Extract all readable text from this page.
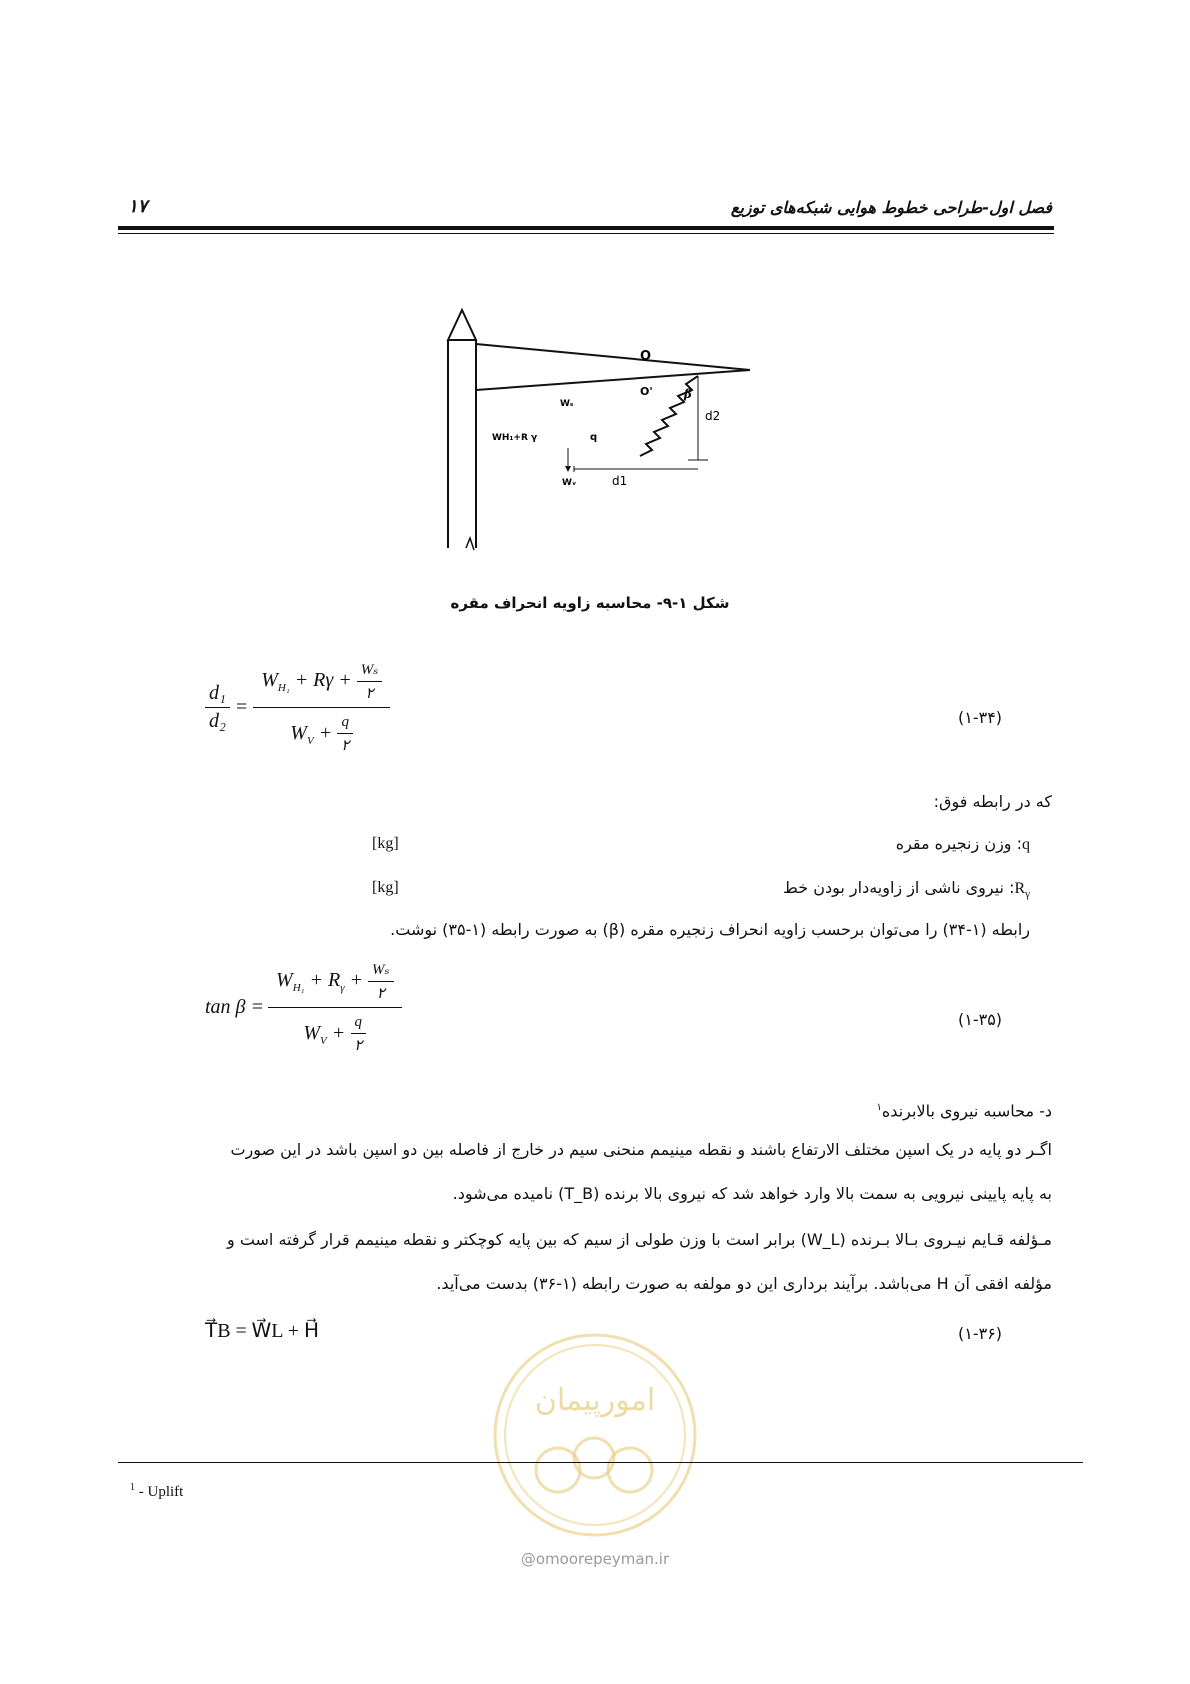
فصل اول-طراحی خطوط هوایی شبکه‌های توزیع
۱۷
O
d2
β
O'
d1
Wₛ
q
WH₁+R γ
Wᵥ
شکل ۱-۹- محاسبه زاویه انحراف مقره
$\frac{\text{d₁}}{\text{d₂}} = \frac{W_{H_1} + R\gamma + \frac{\text{Wₛ}}{۲}}{W_V + \frac{q}{۲}}$	(۱-۳۴)
که در رابطه فوق:
q: وزن زنجیره مقره
[kg]
$R_\gamma$: نیروی ناشی از زاویه‌دار بودن خط
[kg]
رابطه (۱-۳۴) را می‌توان برحسب زاویه انحراف زنجیره مقره (β) به صورت رابطه (۱-۳۵) نوشت.
$\tan \beta = \frac{W_{H_1} + R_\gamma + \frac{\text{Wₛ}}{۲}}{W_V + \frac{q}{۲}}$	(۱-۳۵)
د- محاسبه نیروی بالابرنده$^۱$
اگـر دو پایه در یک اسپن مختلف الارتفاع باشند و نقطه مینیمم منحنی سیم در خارج از فاصله بین دو اسپن باشد در این صورت
به پایه پایینی نیرویی به سمت بالا وارد خواهد شد که نیروی بالا برنده (T_B) نامیده می‌شود.
مـؤلفه قـایم نیـروی بـالا بـرنده (W_L) برابر است با وزن طولی از سیم که بین پایه کوچکتر و نقطه مینیمم قرار گرفته است و
مؤلفه افقی آن H می‌باشد. برآیند برداری این دو مولفه به صورت رابطه (۱-۳۶) بدست می‌آید.
T⃗B = W⃗L + H⃗	(۱-۳۶)
امورپیمان
$^1$ - Uplift
@omoorepeyman.ir
